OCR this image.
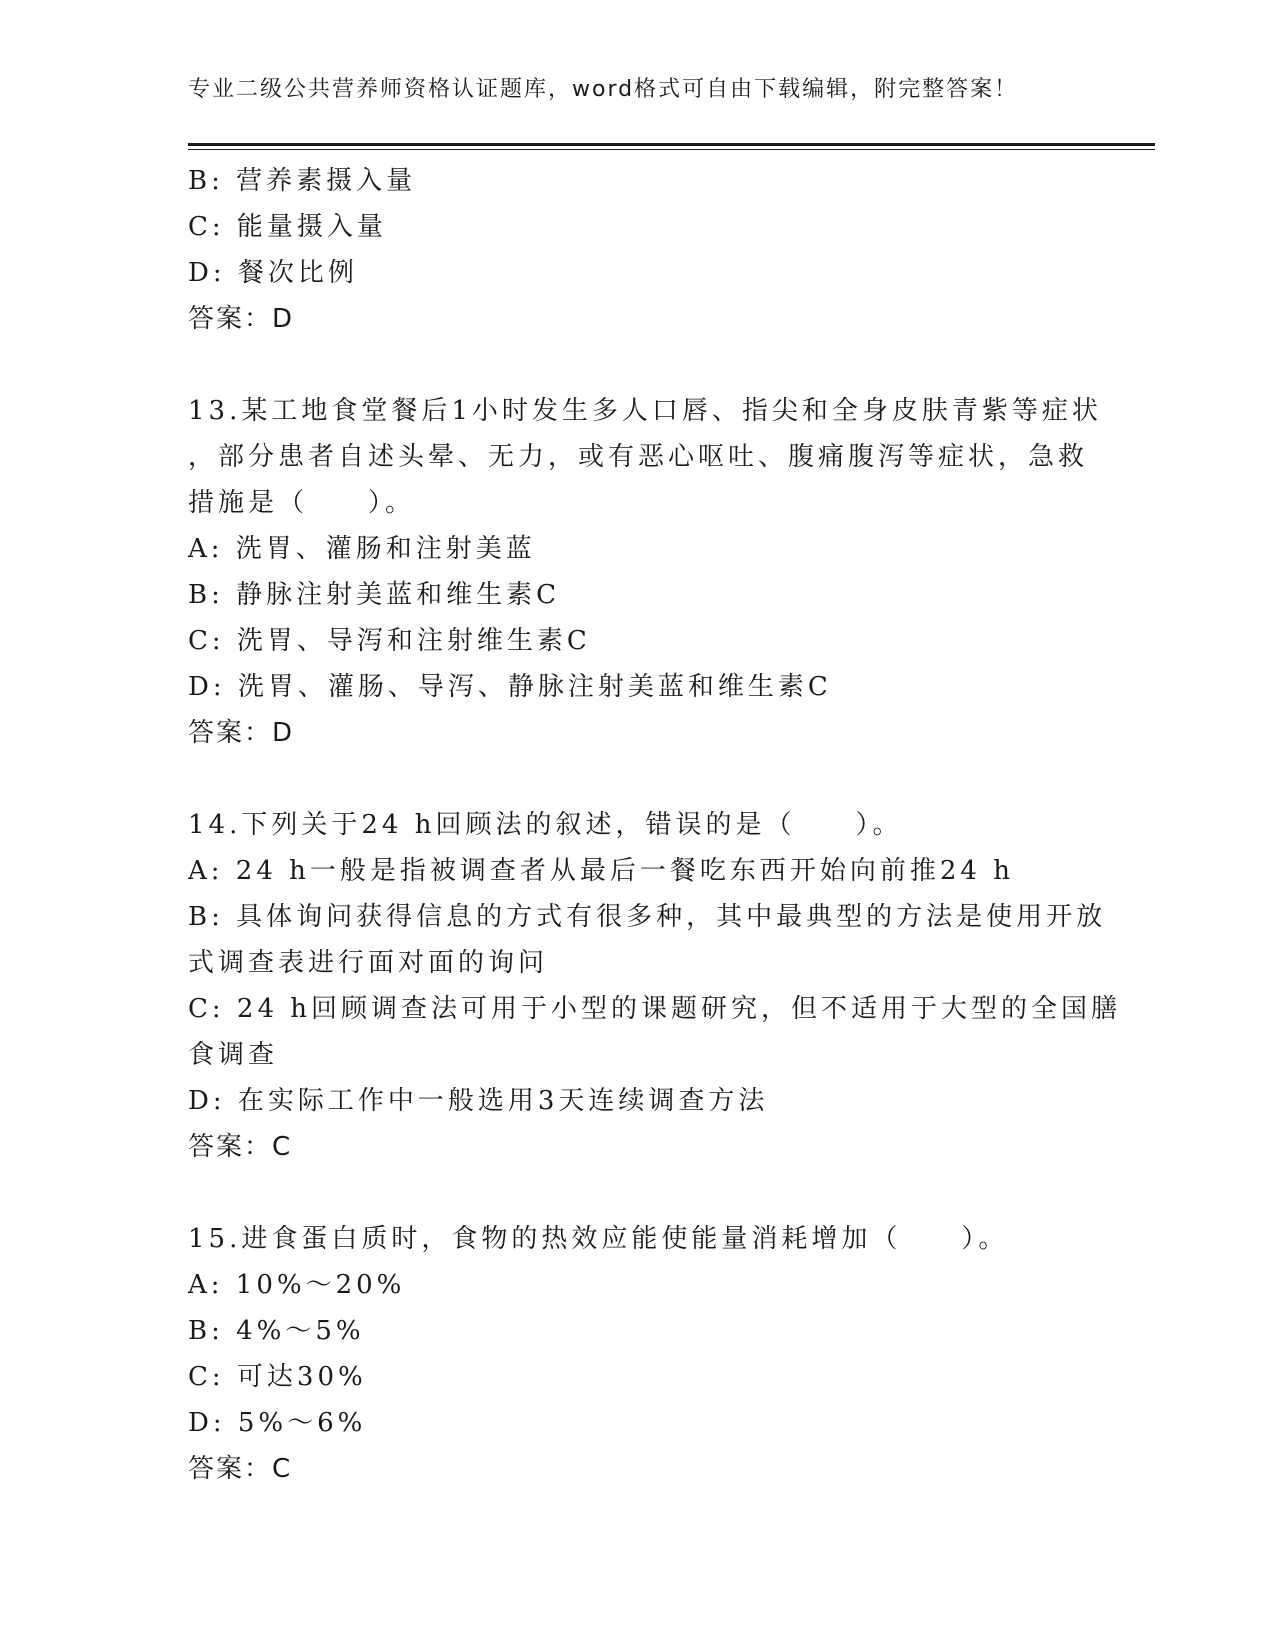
专业二级公共营养师资格认证题库，word格式可自由下载编辑，附完整答案！
B: 营养素摄入量
C: 能量摄入量
D: 餐次比例
答案：D
13.某工地食堂餐后1小时发生多人口唇、指尖和全身皮肤青紫等症状
，部分患者自述头晕、无力，或有恶心呕吐、腹痛腹泻等症状，急救
措施是（　　）。
A: 洗胃、灌肠和注射美蓝
B: 静脉注射美蓝和维生素C
C: 洗胃、导泻和注射维生素C
D: 洗胃、灌肠、导泻、静脉注射美蓝和维生素C
答案：D
14.下列关于24 h回顾法的叙述，错误的是（　　）。
A: 24 h一般是指被调查者从最后一餐吃东西开始向前推24 h
B: 具体询问获得信息的方式有很多种，其中最典型的方法是使用开放
式调查表进行面对面的询问
C: 24 h回顾调查法可用于小型的课题研究，但不适用于大型的全国膳
食调查
D: 在实际工作中一般选用3天连续调查方法
答案：C
15.进食蛋白质时，食物的热效应能使能量消耗增加（　　）。
A: 10%～20%
B: 4%～5%
C: 可达30%
D: 5%～6%
答案：C
